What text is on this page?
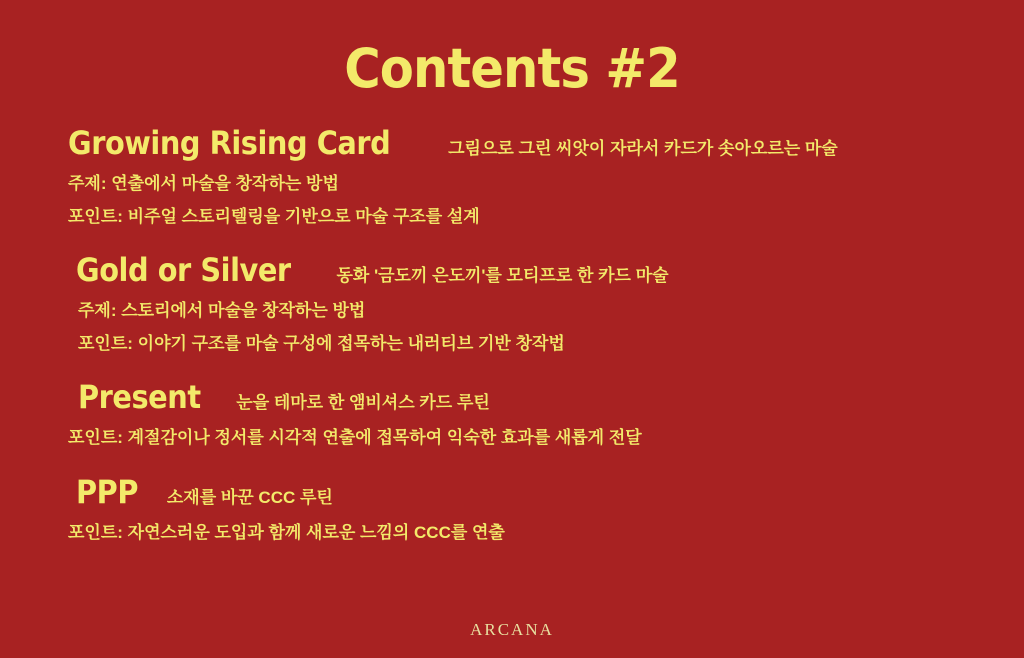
Contents #2
Growing Rising Card	그림으로 그린 씨앗이 자라서 카드가 솟아오르는 마술
주제: 연출에서 마술을 창작하는 방법
포인트: 비주얼 스토리텔링을 기반으로 마술 구조를 설계
Gold or Silver	동화 '금도끼 은도끼'를 모티프로 한 카드 마술
주제: 스토리에서 마술을 창작하는 방법
포인트: 이야기 구조를 마술 구성에 접목하는 내러티브 기반 창작법
Present 눈을 테마로 한 앰비셔스 카드 루틴
포인트: 계절감이나 정서를 시각적 연출에 접목하여 익숙한 효과를 새롭게 전달
PPP 소재를 바꾼 CCC 루틴
포인트: 자연스러운 도입과 함께 새로운 느낌의 CCC를 연출
ARCANA
